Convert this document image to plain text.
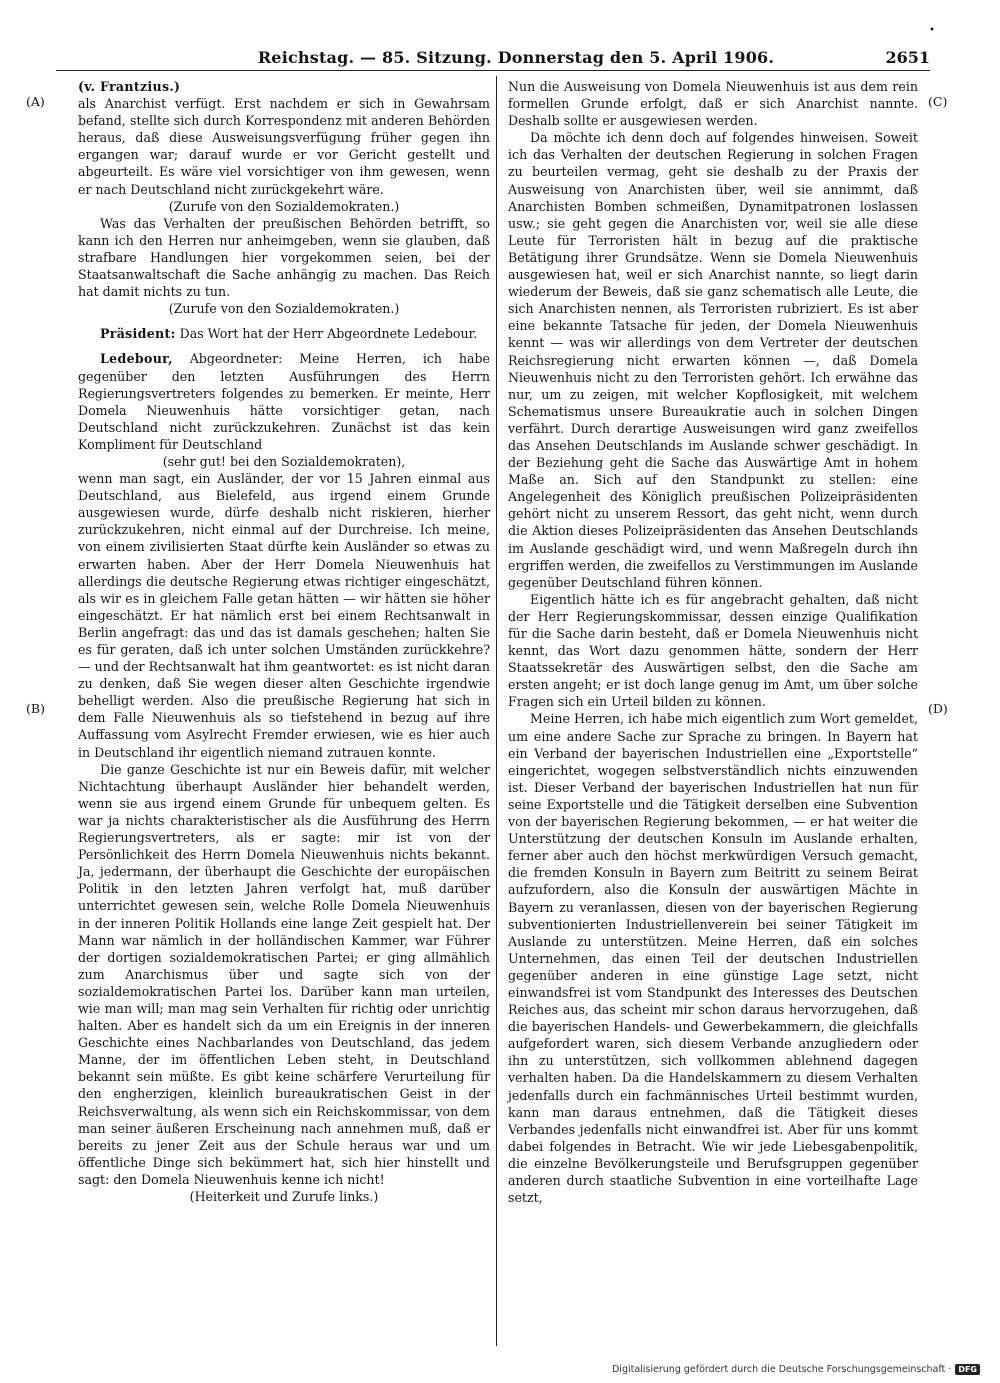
Reichstag. — 85. Sitzung. Donnerstag den 5. April 1906.	2651
•
(A)
(B)
(C)
(D)

(v. Frantzius.)

als Anarchist verfügt. Erst nachdem er sich in Gewahrsam befand, stellte sich durch Korrespondenz mit anderen Behörden heraus, daß diese Ausweisungsverfügung früher gegen ihn ergangen war; darauf wurde er vor Gericht gestellt und abgeurteilt. Es wäre viel vorsichtiger von ihm gewesen, wenn er nach Deutschland nicht zurückgekehrt wäre.

(Zurufe von den Sozialdemokraten.)

Was das Verhalten der preußischen Behörden betrifft, so kann ich den Herren nur anheimgeben, wenn sie glauben, daß strafbare Handlungen hier vorgekommen seien, bei der Staatsanwaltschaft die Sache anhängig zu machen. Das Reich hat damit nichts zu tun.

(Zurufe von den Sozialdemokraten.)

Präsident: Das Wort hat der Herr Abgeordnete Ledebour.

Ledebour, Abgeordneter: Meine Herren, ich habe gegenüber den letzten Ausführungen des Herrn Regierungsvertreters folgendes zu bemerken. Er meinte, Herr Domela Nieuwenhuis hätte vorsichtiger getan, nach Deutschland nicht zurückzukehren. Zunächst ist das kein Kompliment für Deutschland

(sehr gut! bei den Sozialdemokraten),

wenn man sagt, ein Ausländer, der vor 15 Jahren einmal aus Deutschland, aus Bielefeld, aus irgend einem Grunde ausgewiesen wurde, dürfe deshalb nicht riskieren, hierher zurückzukehren, nicht einmal auf der Durchreise. Ich meine, von einem zivilisierten Staat dürfte kein Ausländer so etwas zu erwarten haben. Aber der Herr Domela Nieuwenhuis hat allerdings die deutsche Regierung etwas richtiger eingeschätzt, als wir es in gleichem Falle getan hätten — wir hätten sie höher eingeschätzt. Er hat nämlich erst bei einem Rechtsanwalt in Berlin angefragt: das und das ist damals geschehen; halten Sie es für geraten, daß ich unter solchen Umständen zurückkehre? — und der Rechtsanwalt hat ihm geantwortet: es ist nicht daran zu denken, daß Sie wegen dieser alten Geschichte irgendwie behelligt werden. Also die preußische Regierung hat sich in dem Falle Nieuwenhuis als so tiefstehend in bezug auf ihre Auffassung vom Asylrecht Fremder erwiesen, wie es hier auch in Deutschland ihr eigentlich niemand zutrauen konnte.

Die ganze Geschichte ist nur ein Beweis dafür, mit welcher Nichtachtung überhaupt Ausländer hier behandelt werden, wenn sie aus irgend einem Grunde für unbequem gelten. Es war ja nichts charakteristischer als die Ausführung des Herrn Regierungsvertreters, als er sagte: mir ist von der Persönlichkeit des Herrn Domela Nieuwenhuis nichts bekannt. Ja, jedermann, der überhaupt die Geschichte der europäischen Politik in den letzten Jahren verfolgt hat, muß darüber unterrichtet gewesen sein, welche Rolle Domela Nieuwenhuis in der inneren Politik Hollands eine lange Zeit gespielt hat. Der Mann war nämlich in der holländischen Kammer, war Führer der dortigen sozialdemokratischen Partei; er ging allmählich zum Anarchismus über und sagte sich von der sozialdemokratischen Partei los. Darüber kann man urteilen, wie man will; man mag sein Verhalten für richtig oder unrichtig halten. Aber es handelt sich da um ein Ereignis in der inneren Geschichte eines Nachbarlandes von Deutschland, das jedem Manne, der im öffentlichen Leben steht, in Deutschland bekannt sein müßte. Es gibt keine schärfere Verurteilung für den engherzigen, kleinlich bureaukratischen Geist in der Reichsverwaltung, als wenn sich ein Reichskommissar, von dem man seiner äußeren Erscheinung nach annehmen muß, daß er bereits zu jener Zeit aus der Schule heraus war und um öffentliche Dinge sich bekümmert hat, sich hier hinstellt und sagt: den Domela Nieuwenhuis kenne ich nicht!

(Heiterkeit und Zurufe links.)

Nun die Ausweisung von Domela Nieuwenhuis ist aus dem rein formellen Grunde erfolgt, daß er sich Anarchist nannte. Deshalb sollte er ausgewiesen werden.

Da möchte ich denn doch auf folgendes hinweisen. Soweit ich das Verhalten der deutschen Regierung in solchen Fragen zu beurteilen vermag, geht sie deshalb zu der Praxis der Ausweisung von Anarchisten über, weil sie annimmt, daß Anarchisten Bomben schmeißen, Dynamitpatronen loslassen usw.; sie geht gegen die Anarchisten vor, weil sie alle diese Leute für Terroristen hält in bezug auf die praktische Betätigung ihrer Grundsätze. Wenn sie Domela Nieuwenhuis ausgewiesen hat, weil er sich Anarchist nannte, so liegt darin wiederum der Beweis, daß sie ganz schematisch alle Leute, die sich Anarchisten nennen, als Terroristen rubriziert. Es ist aber eine bekannte Tatsache für jeden, der Domela Nieuwenhuis kennt — was wir allerdings von dem Vertreter der deutschen Reichsregierung nicht erwarten können —, daß Domela Nieuwenhuis nicht zu den Terroristen gehört. Ich erwähne das nur, um zu zeigen, mit welcher Kopflosigkeit, mit welchem Schematismus unsere Bureaukratie auch in solchen Dingen verfährt. Durch derartige Ausweisungen wird ganz zweifellos das Ansehen Deutschlands im Auslande schwer geschädigt. In der Beziehung geht die Sache das Auswärtige Amt in hohem Maße an. Sich auf den Standpunkt zu stellen: eine Angelegenheit des Königlich preußischen Polizeipräsidenten gehört nicht zu unserem Ressort, das geht nicht, wenn durch die Aktion dieses Polizeipräsidenten das Ansehen Deutschlands im Auslande geschädigt wird, und wenn Maßregeln durch ihn ergriffen werden, die zweifellos zu Verstimmungen im Auslande gegenüber Deutschland führen können.

Eigentlich hätte ich es für angebracht gehalten, daß nicht der Herr Regierungskommissar, dessen einzige Qualifikation für die Sache darin besteht, daß er Domela Nieuwenhuis nicht kennt, das Wort dazu genommen hätte, sondern der Herr Staatssekretär des Auswärtigen selbst, den die Sache am ersten angeht; er ist doch lange genug im Amt, um über solche Fragen sich ein Urteil bilden zu können.

Meine Herren, ich habe mich eigentlich zum Wort gemeldet, um eine andere Sache zur Sprache zu bringen. In Bayern hat ein Verband der bayerischen Industriellen eine „Exportstelle“ eingerichtet, wogegen selbstverständlich nichts einzuwenden ist. Dieser Verband der bayerischen Industriellen hat nun für seine Exportstelle und die Tätigkeit derselben eine Subvention von der bayerischen Regierung bekommen, — er hat weiter die Unterstützung der deutschen Konsuln im Auslande erhalten, ferner aber auch den höchst merkwürdigen Versuch gemacht, die fremden Konsuln in Bayern zum Beitritt zu seinem Beirat aufzufordern, also die Konsuln der auswärtigen Mächte in Bayern zu veranlassen, diesen von der bayerischen Regierung subventionierten Industriellenverein bei seiner Tätigkeit im Auslande zu unterstützen. Meine Herren, daß ein solches Unternehmen, das einen Teil der deutschen Industriellen gegenüber anderen in eine günstige Lage setzt, nicht einwandsfrei ist vom Standpunkt des Interesses des Deutschen Reiches aus, das scheint mir schon daraus hervorzugehen, daß die bayerischen Handels- und Gewerbekammern, die gleichfalls aufgefordert waren, sich diesem Verbande anzugliedern oder ihn zu unterstützen, sich vollkommen ablehnend dagegen verhalten haben. Da die Handelskammern zu diesem Verhalten jedenfalls durch ein fachmännisches Urteil bestimmt wurden, kann man daraus entnehmen, daß die Tätigkeit dieses Verbandes jedenfalls nicht einwandfrei ist. Aber für uns kommt dabei folgendes in Betracht. Wie wir jede Liebesgabenpolitik, die einzelne Bevölkerungsteile und Berufsgruppen gegenüber anderen durch staatliche Subvention in eine vorteilhafte Lage setzt,

Digitalisierung gefördert durch die Deutsche Forschungsgemeinschaft · DFG
